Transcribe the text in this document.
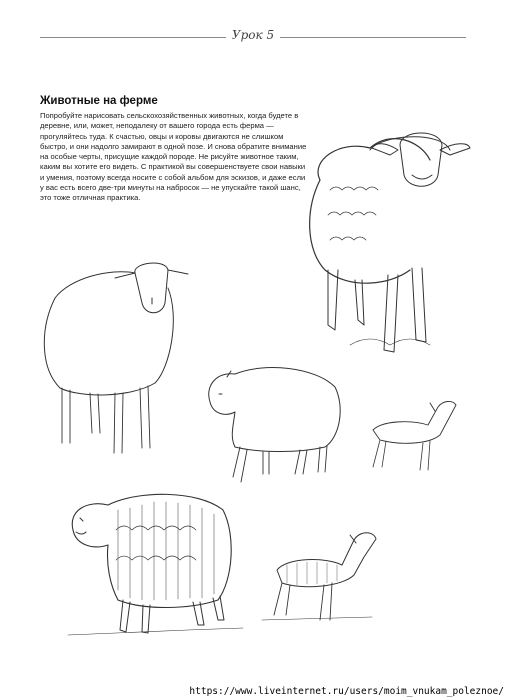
Урок 5
Животные на ферме
Попробуйте нарисовать сельскохозяйственных животных, когда будете в деревне, или, может, неподалеку от вашего города есть ферма — прогуляйтесь туда. К счастью, овцы и коровы двигаются не слишком быстро, и они надолго замирают в одной позе. И снова обратите внимание на особые черты, присущие каждой породе. Не рисуйте животное таким, каким вы хотите его видеть. С практикой вы совершенствуете свои навыки и умения, поэтому всегда носите с собой альбом для эскизов, и даже если у вас есть всего две-три минуты на набросок — не упускайте такой шанс, это тоже отличная практика.
https://www.liveinternet.ru/users/moim_vnukam_poleznoe/
